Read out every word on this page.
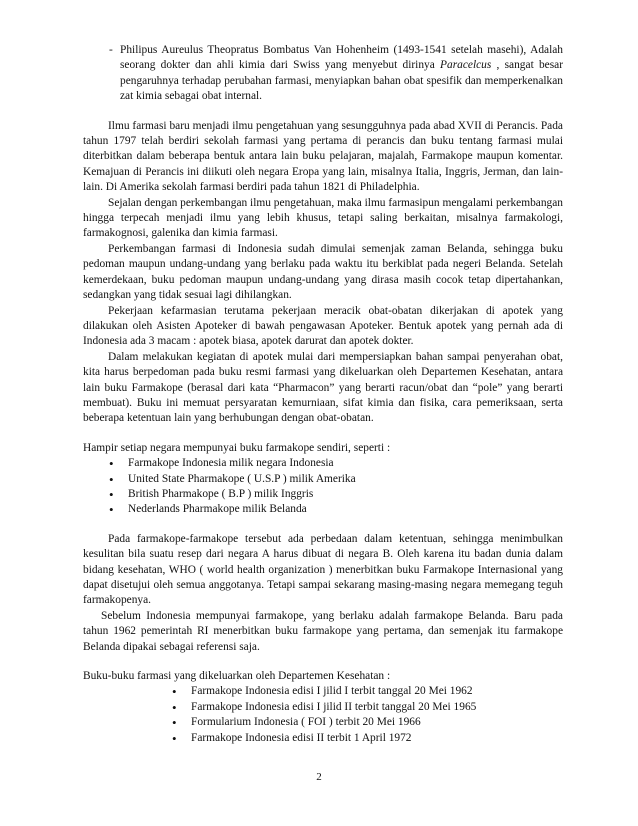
- Philipus Aureulus Theopratus Bombatus Van Hohenheim (1493-1541 setelah masehi), Adalah seorang dokter dan ahli kimia dari Swiss yang menyebut dirinya Paracelcus , sangat besar pengaruhnya terhadap perubahan farmasi, menyiapkan bahan obat spesifik dan memperkenalkan zat kimia sebagai obat internal.

Ilmu farmasi baru menjadi ilmu pengetahuan yang sesungguhnya pada abad XVII di Perancis. Pada tahun 1797 telah berdiri sekolah farmasi yang pertama di perancis dan buku tentang farmasi mulai diterbitkan dalam beberapa bentuk antara lain buku pelajaran, majalah, Farmakope maupun komentar. Kemajuan di Perancis ini diikuti oleh negara Eropa yang lain, misalnya Italia, Inggris, Jerman, dan lain-lain. Di Amerika sekolah farmasi berdiri pada tahun 1821 di Philadelphia.

Sejalan dengan perkembangan ilmu pengetahuan, maka ilmu farmasipun mengalami perkembangan hingga terpecah menjadi ilmu yang lebih khusus, tetapi saling berkaitan, misalnya farmakologi, farmakognosi, galenika dan kimia farmasi.

Perkembangan farmasi di Indonesia sudah dimulai semenjak zaman Belanda, sehingga buku pedoman maupun undang-undang yang berlaku pada waktu itu berkiblat pada negeri Belanda. Setelah kemerdekaan, buku pedoman maupun undang-undang yang dirasa masih cocok tetap dipertahankan, sedangkan yang tidak sesuai lagi dihilangkan.

Pekerjaan kefarmasian terutama pekerjaan meracik obat-obatan dikerjakan di apotek yang dilakukan oleh Asisten Apoteker di bawah pengawasan Apoteker. Bentuk apotek yang pernah ada di Indonesia ada 3 macam : apotek biasa, apotek darurat dan apotek dokter.

Dalam melakukan kegiatan di apotek mulai dari mempersiapkan bahan sampai penyerahan obat, kita harus berpedoman pada buku resmi farmasi yang dikeluarkan oleh Departemen Kesehatan, antara lain buku Farmakope (berasal dari kata “Pharmacon” yang berarti racun/obat dan “pole” yang berarti membuat). Buku ini memuat persyaratan kemurniaan, sifat kimia dan fisika, cara pemeriksaan, serta beberapa ketentuan lain yang berhubungan dengan obat-obatan.

Hampir setiap negara mempunyai buku farmakope sendiri, seperti :

• Farmakope Indonesia milik negara Indonesia
• United State Pharmakope ( U.S.P ) milik Amerika
• British Pharmakope ( B.P ) milik Inggris
• Nederlands Pharmakope milik Belanda

Pada farmakope-farmakope tersebut ada perbedaan dalam ketentuan, sehingga menimbulkan kesulitan bila suatu resep dari negara A harus dibuat di negara B. Oleh karena itu badan dunia dalam bidang kesehatan, WHO ( world health organization ) menerbitkan buku Farmakope Internasional yang dapat disetujui oleh semua anggotanya. Tetapi sampai sekarang masing-masing negara memegang teguh farmakopenya.

Sebelum Indonesia mempunyai farmakope, yang berlaku adalah farmakope Belanda. Baru pada tahun 1962 pemerintah RI menerbitkan buku farmakope yang pertama, dan semenjak itu farmakope Belanda dipakai sebagai referensi saja.

Buku-buku farmasi yang dikeluarkan oleh Departemen Kesehatan :

• Farmakope Indonesia edisi I jilid I terbit tanggal 20 Mei 1962
• Farmakope Indonesia edisi I jilid II terbit tanggal 20 Mei 1965
• Formularium Indonesia ( FOI ) terbit 20 Mei 1966
• Farmakope Indonesia edisi II terbit 1 April 1972
2
